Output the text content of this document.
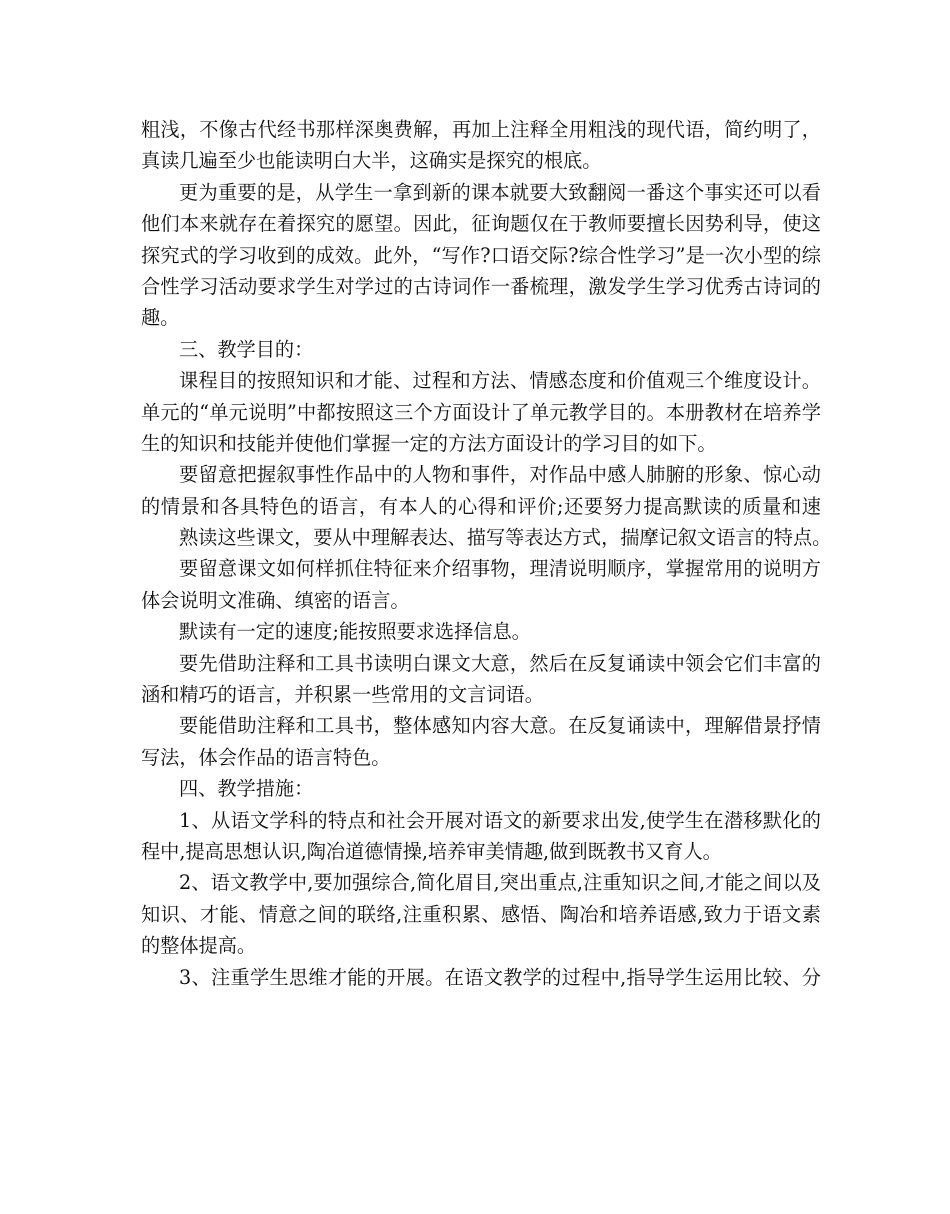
粗浅，不像古代经书那样深奥费解，再加上注释全用粗浅的现代语，简约明了，
真读几遍至少也能读明白大半，这确实是探究的根底。
更为重要的是，从学生一拿到新的课本就要大致翻阅一番这个事实还可以看
他们本来就存在着探究的愿望。因此，征询题仅在于教师要擅长因势利导，使这
探究式的学习收到的成效。此外，“写作?口语交际?综合性学习”是一次小型的综
合性学习活动要求学生对学过的古诗词作一番梳理，激发学生学习优秀古诗词的
趣。
三、教学目的：
课程目的按照知识和才能、过程和方法、情感态度和价值观三个维度设计。
单元的“单元说明”中都按照这三个方面设计了单元教学目的。本册教材在培养学
生的知识和技能并使他们掌握一定的方法方面设计的学习目的如下。
要留意把握叙事性作品中的人物和事件，对作品中感人肺腑的形象、惊心动
的情景和各具特色的语言，有本人的心得和评价;还要努力提高默读的质量和速
熟读这些课文，要从中理解表达、描写等表达方式，揣摩记叙文语言的特点。
要留意课文如何样抓住特征来介绍事物，理清说明顺序，掌握常用的说明方
体会说明文准确、缜密的语言。
默读有一定的速度;能按照要求选择信息。
要先借助注释和工具书读明白课文大意，然后在反复诵读中领会它们丰富的
涵和精巧的语言，并积累一些常用的文言词语。
要能借助注释和工具书，整体感知内容大意。在反复诵读中，理解借景抒情
写法，体会作品的语言特色。
四、教学措施：
1、从语文学科的特点和社会开展对语文的新要求出发,使学生在潜移默化的
程中,提高思想认识,陶冶道德情操,培养审美情趣,做到既教书又育人。
2、语文教学中,要加强综合,简化眉目,突出重点,注重知识之间,才能之间以及
知识、才能、情意之间的联络,注重积累、感悟、陶冶和培养语感,致力于语文素
的整体提高。
3、注重学生思维才能的开展。在语文教学的过程中,指导学生运用比较、分
